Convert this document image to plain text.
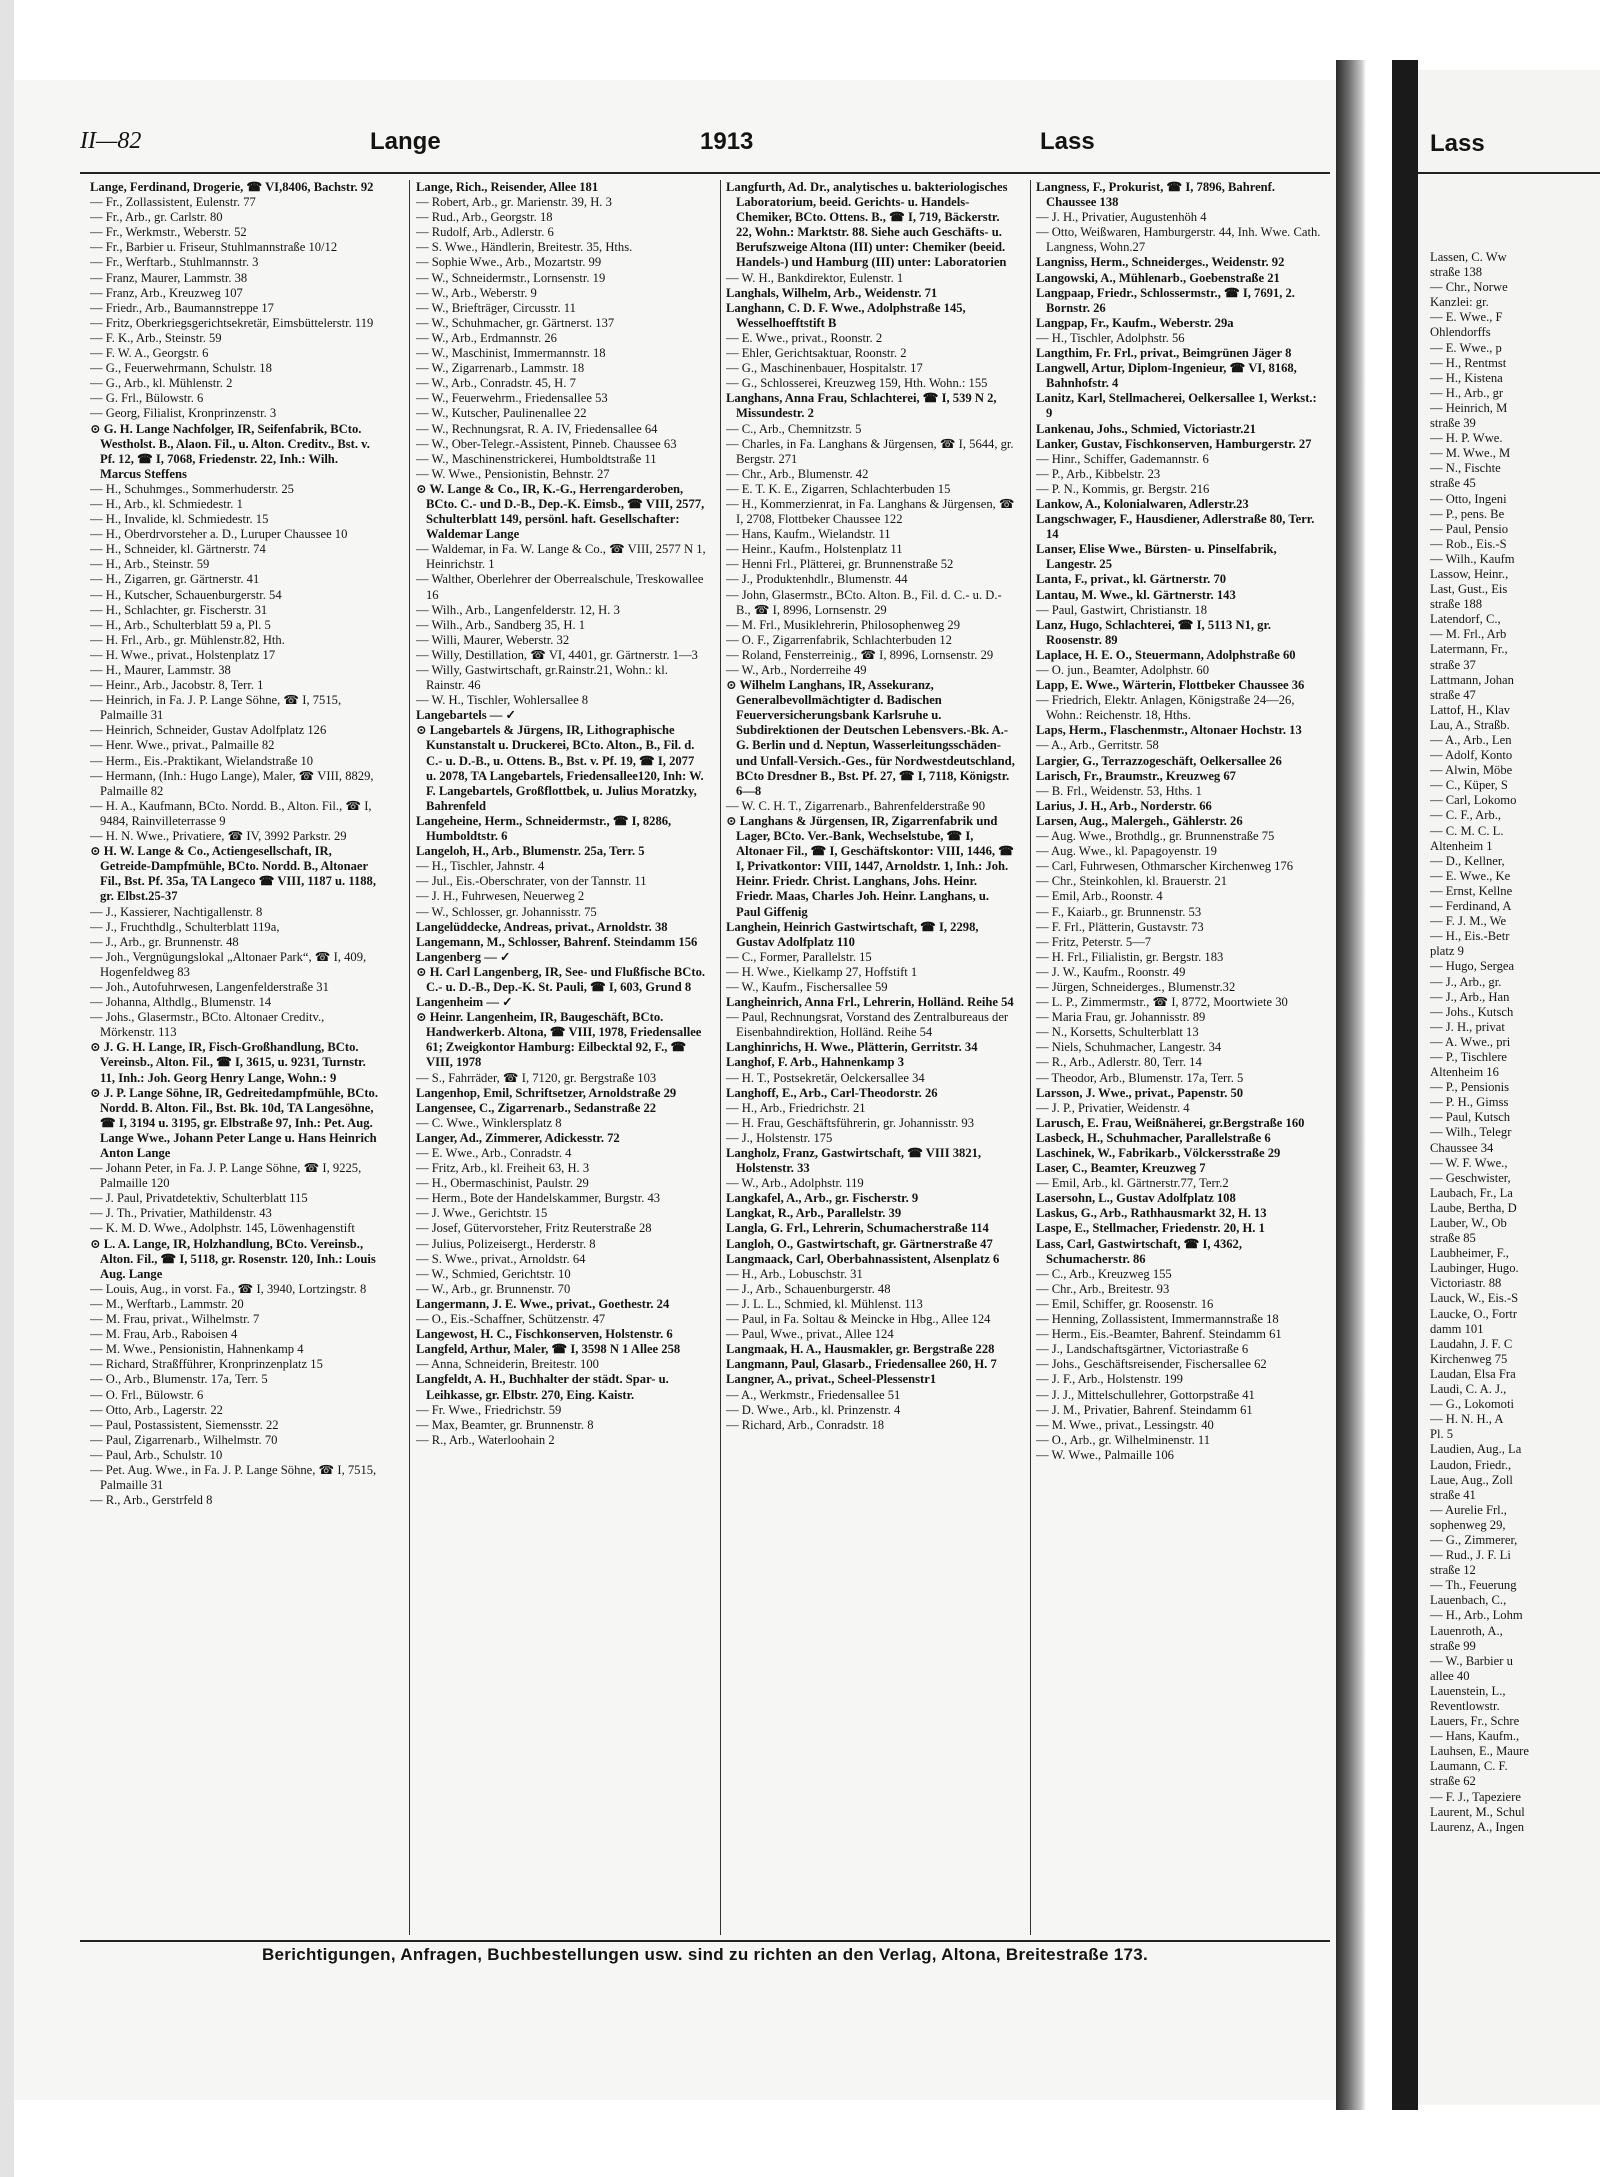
II—82	Lange	1913	Lass

Lange, Ferdinand, Drogerie, ☎ VI,8406, Bachstr. 92

— Fr., Zollassistent, Eulenstr. 77

— Fr., Arb., gr. Carlstr. 80

— Fr., Werkmstr., Weberstr. 52

— Fr., Barbier u. Friseur, Stuhlmannstraße 10/12

— Fr., Werftarb., Stuhlmannstr. 3

— Franz, Maurer, Lammstr. 38

— Franz, Arb., Kreuzweg 107

— Friedr., Arb., Baumannstreppe 17

— Fritz, Oberkriegsgerichtsekretär, Eimsbüttelerstr. 119

— F. K., Arb., Steinstr. 59

— F. W. A., Georgstr. 6

— G., Feuerwehrmann, Schulstr. 18

— G., Arb., kl. Mühlenstr. 2

— G. Frl., Bülowstr. 6

— Georg, Filialist, Kronprinzenstr. 3

⊙ G. H. Lange Nachfolger, IR, Seifenfabrik, BCto. Westholst. B., Alaon. Fil., u. Alton. Creditv., Bst. v. Pf. 12, ☎ I, 7068, Friedenstr. 22, Inh.: Wilh. Marcus Steffens

— H., Schuhmges., Sommerhuderstr. 25

— H., Arb., kl. Schmiedestr. 1

— H., Invalide, kl. Schmiedestr. 15

— H., Oberdrvorsteher a. D., Luruper Chaussee 10

— H., Schneider, kl. Gärtnerstr. 74

— H., Arb., Steinstr. 59

— H., Zigarren, gr. Gärtnerstr. 41

— H., Kutscher, Schauenburgerstr. 54

— H., Schlachter, gr. Fischerstr. 31

— H., Arb., Schulterblatt 59 a, Pl. 5

— H. Frl., Arb., gr. Mühlenstr.82, Hth.

— H. Wwe., privat., Holstenplatz 17

— H., Maurer, Lammstr. 38

— Heinr., Arb., Jacobstr. 8, Terr. 1

— Heinrich, in Fa. J. P. Lange Söhne, ☎ I, 7515, Palmaille 31

— Heinrich, Schneider, Gustav Adolfplatz 126

— Henr. Wwe., privat., Palmaille 82

— Herm., Eis.-Praktikant, Wielandstraße 10

— Hermann, (Inh.: Hugo Lange), Maler, ☎ VIII, 8829, Palmaille 82

— H. A., Kaufmann, BCto. Nordd. B., Alton. Fil., ☎ I, 9484, Rainvilleterrasse 9

— H. N. Wwe., Privatiere, ☎ IV, 3992 Parkstr. 29

⊙ H. W. Lange & Co., Actiengesellschaft, IR, Getreide-Dampfmühle, BCto. Nordd. B., Altonaer Fil., Bst. Pf. 35a, TA Langeco ☎ VIII, 1187 u. 1188, gr. Elbst.25-37

— J., Kassierer, Nachtigallenstr. 8

— J., Fruchthdlg., Schulterblatt 119a,

— J., Arb., gr. Brunnenstr. 48

— Joh., Vergnügungslokal „Altonaer Park“, ☎ I, 409, Hogenfeldweg 83

— Joh., Autofuhrwesen, Langenfelderstraße 31

— Johanna, Althdlg., Blumenstr. 14

— Johs., Glasermstr., BCto. Altonaer Creditv., Mörkenstr. 113

⊙ J. G. H. Lange, IR, Fisch-Großhandlung, BCto. Vereinsb., Alton. Fil., ☎ I, 3615, u. 9231, Turnstr. 11, Inh.: Joh. Georg Henry Lange, Wohn.: 9

⊙ J. P. Lange Söhne, IR, Gedreitedampfmühle, BCto. Nordd. B. Alton. Fil., Bst. Bk. 10d, TA Langesöhne, ☎ I, 3194 u. 3195, gr. Elbstraße 97, Inh.: Pet. Aug. Lange Wwe., Johann Peter Lange u. Hans Heinrich Anton Lange

— Johann Peter, in Fa. J. P. Lange Söhne, ☎ I, 9225, Palmaille 120

— J. Paul, Privatdetektiv, Schulterblatt 115

— J. Th., Privatier, Mathildenstr. 43

— K. M. D. Wwe., Adolphstr. 145, Löwenhagenstift

⊙ L. A. Lange, IR, Holzhandlung, BCto. Vereinsb., Alton. Fil., ☎ I, 5118, gr. Rosenstr. 120, Inh.: Louis Aug. Lange

— Louis, Aug., in vorst. Fa., ☎ I, 3940, Lortzingstr. 8

— M., Werftarb., Lammstr. 20

— M. Frau, privat., Wilhelmstr. 7

— M. Frau, Arb., Raboisen 4

— M. Wwe., Pensionistin, Hahnenkamp 4

— Richard, Straßfführer, Kronprinzenplatz 15

— O., Arb., Blumenstr. 17a, Terr. 5

— O. Frl., Bülowstr. 6

— Otto, Arb., Lagerstr. 22

— Paul, Postassistent, Siemensstr. 22

— Paul, Zigarrenarb., Wilhelmstr. 70

— Paul, Arb., Schulstr. 10

— Pet. Aug. Wwe., in Fa. J. P. Lange Söhne, ☎ I, 7515, Palmaille 31

— R., Arb., Gerstrfeld 8

Lange, Rich., Reisender, Allee 181

— Robert, Arb., gr. Marienstr. 39, H. 3

— Rud., Arb., Georgstr. 18

— Rudolf, Arb., Adlerstr. 6

— S. Wwe., Händlerin, Breitestr. 35, Hths.

— Sophie Wwe., Arb., Mozartstr. 99

— W., Schneidermstr., Lornsenstr. 19

— W., Arb., Weberstr. 9

— W., Briefträger, Circusstr. 11

— W., Schuhmacher, gr. Gärtnerst. 137

— W., Arb., Erdmannstr. 26

— W., Maschinist, Immermannstr. 18

— W., Zigarrenarb., Lammstr. 18

— W., Arb., Conradstr. 45, H. 7

— W., Feuerwehrm., Friedensallee 53

— W., Kutscher, Paulinenallee 22

— W., Rechnungsrat, R. A. IV, Friedensallee 64

— W., Ober-Telegr.-Assistent, Pinneb. Chaussee 63

— W., Maschinenstrickerei, Humboldtstraße 11

— W. Wwe., Pensionistin, Behnstr. 27

⊙ W. Lange & Co., IR, K.-G., Herrengarderoben, BCto. C.- und D.-B., Dep.-K. Eimsb., ☎ VIII, 2577, Schulterblatt 149, persönl. haft. Gesellschafter: Waldemar Lange

— Waldemar, in Fa. W. Lange & Co., ☎ VIII, 2577 N 1, Heinrichstr. 1

— Walther, Oberlehrer der Oberrealschule, Treskowallee 16

— Wilh., Arb., Langenfelderstr. 12, H. 3

— Wilh., Arb., Sandberg 35, H. 1

— Willi, Maurer, Weberstr. 32

— Willy, Destillation, ☎ VI, 4401, gr. Gärtnerstr. 1—3

— Willy, Gastwirtschaft, gr.Rainstr.21, Wohn.: kl. Rainstr. 46

— W. H., Tischler, Wohlersallee 8

Langebartels — ✓

⊙ Langebartels & Jürgens, IR, Lithographische Kunstanstalt u. Druckerei, BCto. Alton., B., Fil. d. C.- u. D.-B., u. Ottens. B., Bst. v. Pf. 19, ☎ I, 2077 u. 2078, TA Langebartels, Friedensallee120, Inh: W. F. Langebartels, Großflottbek, u. Julius Moratzky, Bahrenfeld

Langeheine, Herm., Schneidermstr., ☎ I, 8286, Humboldtstr. 6

Langeloh, H., Arb., Blumenstr. 25a, Terr. 5

— H., Tischler, Jahnstr. 4

— Jul., Eis.-Oberschrater, von der Tannstr. 11

— J. H., Fuhrwesen, Neuerweg 2

— W., Schlosser, gr. Johannisstr. 75

Langelüddecke, Andreas, privat., Arnoldstr. 38

Langemann, M., Schlosser, Bahrenf. Steindamm 156

Langenberg — ✓

⊙ H. Carl Langenberg, IR, See- und Flußfische BCto. C.- u. D.-B., Dep.-K. St. Pauli, ☎ I, 603, Grund 8

Langenheim — ✓

⊙ Heinr. Langenheim, IR, Baugeschäft, BCto. Handwerkerb. Altona, ☎ VIII, 1978, Friedensallee 61; Zweigkontor Hamburg: Eilbecktal 92, F., ☎ VIII, 1978

— S., Fahrräder, ☎ I, 7120, gr. Bergstraße 103

Langenhop, Emil, Schriftsetzer, Arnoldstraße 29

Langensee, C., Zigarrenarb., Sedanstraße 22

— C. Wwe., Winklersplatz 8

Langer, Ad., Zimmerer, Adickesstr. 72

— E. Wwe., Arb., Conradstr. 4

— Fritz, Arb., kl. Freiheit 63, H. 3

— H., Obermaschinist, Paulstr. 29

— Herm., Bote der Handelskammer, Burgstr. 43

— J. Wwe., Gerichtstr. 15

— Josef, Gütervorsteher, Fritz Reuterstraße 28

— Julius, Polizeisergt., Herderstr. 8

— S. Wwe., privat., Arnoldstr. 64

— W., Schmied, Gerichtstr. 10

— W., Arb., gr. Brunnenstr. 70

Langermann, J. E. Wwe., privat., Goethestr. 24

— O., Eis.-Schaffner, Schützenstr. 47

Langewost, H. C., Fischkonserven, Holstenstr. 6

Langfeld, Arthur, Maler, ☎ I, 3598 N 1 Allee 258

— Anna, Schneiderin, Breitestr. 100

Langfeldt, A. H., Buchhalter der städt. Spar- u. Leihkasse, gr. Elbstr. 270, Eing. Kaistr.

— Fr. Wwe., Friedrichstr. 59

— Max, Beamter, gr. Brunnenstr. 8

— R., Arb., Waterloohain 2

Langfurth, Ad. Dr., analytisches u. bakteriologisches Laboratorium, beeid. Gerichts- u. Handels-Chemiker, BCto. Ottens. B., ☎ I, 719, Bäckerstr. 22, Wohn.: Marktstr. 88. Siehe auch Geschäfts- u. Berufszweige Altona (III) unter: Chemiker (beeid. Handels-) und Hamburg (III) unter: Laboratorien

— W. H., Bankdirektor, Eulenstr. 1

Langhals, Wilhelm, Arb., Weidenstr. 71

Langhann, C. D. F. Wwe., Adolphstraße 145, Wesselhoefftstift B

— E. Wwe., privat., Roonstr. 2

— Ehler, Gerichtsaktuar, Roonstr. 2

— G., Maschinenbauer, Hospitalstr. 17

— G., Schlosserei, Kreuzweg 159, Hth. Wohn.: 155

Langhans, Anna Frau, Schlachterei, ☎ I, 539 N 2, Missundestr. 2

— C., Arb., Chemnitzstr. 5

— Charles, in Fa. Langhans & Jürgensen, ☎ I, 5644, gr. Bergstr. 271

— Chr., Arb., Blumenstr. 42

— E. T. K. E., Zigarren, Schlachterbuden 15

— H., Kommerzienrat, in Fa. Langhans & Jürgensen, ☎ I, 2708, Flottbeker Chaussee 122

— Hans, Kaufm., Wielandstr. 11

— Heinr., Kaufm., Holstenplatz 11

— Henni Frl., Plätterei, gr. Brunnenstraße 52

— J., Produktenhdlr., Blumenstr. 44

— John, Glasermstr., BCto. Alton. B., Fil. d. C.- u. D.-B., ☎ I, 8996, Lornsenstr. 29

— M. Frl., Musiklehrerin, Philosophenweg 29

— O. F., Zigarrenfabrik, Schlachterbuden 12

— Roland, Fensterreinig., ☎ I, 8996, Lornsenstr. 29

— W., Arb., Norderreihe 49

⊙ Wilhelm Langhans, IR, Assekuranz, Generalbevollmächtigter d. Badischen Feuerversicherungsbank Karlsruhe u. Subdirektionen der Deutschen Lebensvers.-Bk. A.-G. Berlin und d. Neptun, Wasserleitungsschäden- und Unfall-Versich.-Ges., für Nordwestdeutschland, BCto Dresdner B., Bst. Pf. 27, ☎ I, 7118, Königstr. 6—8

— W. C. H. T., Zigarrenarb., Bahrenfelderstraße 90

⊙ Langhans & Jürgensen, IR, Zigarrenfabrik und Lager, BCto. Ver.-Bank, Wechselstube, ☎ I, Altonaer Fil., ☎ I, Geschäftskontor: VIII, 1446, ☎ I, Privatkontor: VIII, 1447, Arnoldstr. 1, Inh.: Joh. Heinr. Friedr. Christ. Langhans, Johs. Heinr. Friedr. Maas, Charles Joh. Heinr. Langhans, u. Paul Giffenig

Langhein, Heinrich Gastwirtschaft, ☎ I, 2298, Gustav Adolfplatz 110

— C., Former, Parallelstr. 15

— H. Wwe., Kielkamp 27, Hoffstift 1

— W., Kaufm., Fischersallee 59

Langheinrich, Anna Frl., Lehrerin, Holländ. Reihe 54

— Paul, Rechnungsrat, Vorstand des Zentralbureaus der Eisenbahndirektion, Holländ. Reihe 54

Langhinrichs, H. Wwe., Plätterin, Gerritstr. 34

Langhof, F. Arb., Hahnenkamp 3

— H. T., Postsekretär, Oelckersallee 34

Langhoff, E., Arb., Carl-Theodorstr. 26

— H., Arb., Friedrichstr. 21

— H. Frau, Geschäftsführerin, gr. Johannisstr. 93

— J., Holstenstr. 175

Langholz, Franz, Gastwirtschaft, ☎ VIII 3821, Holstenstr. 33

— W., Arb., Adolphstr. 119

Langkafel, A., Arb., gr. Fischerstr. 9

Langkat, R., Arb., Parallelstr. 39

Langla, G. Frl., Lehrerin, Schumacherstraße 114

Langloh, O., Gastwirtschaft, gr. Gärtnerstraße 47

Langmaack, Carl, Oberbahnassistent, Alsenplatz 6

— H., Arb., Lobuschstr. 31

— J., Arb., Schauenburgerstr. 48

— J. L. L., Schmied, kl. Mühlenst. 113

— Paul, in Fa. Soltau & Meincke in Hbg., Allee 124

— Paul, Wwe., privat., Allee 124

Langmaak, H. A., Hausmakler, gr. Bergstraße 228

Langmann, Paul, Glasarb., Friedensallee 260, H. 7

Langner, A., privat., Scheel-Plessenstr1

— A., Werkmstr., Friedensallee 51

— D. Wwe., Arb., kl. Prinzenstr. 4

— Richard, Arb., Conradstr. 18

Langness, F., Prokurist, ☎ I, 7896, Bahrenf. Chaussee 138

— J. H., Privatier, Augustenhöh 4

— Otto, Weißwaren, Hamburgerstr. 44, Inh. Wwe. Cath. Langness, Wohn.27

Langniss, Herm., Schneiderges., Weidenstr. 92

Langowski, A., Mühlenarb., Goebenstraße 21

Langpaap, Friedr., Schlossermstr., ☎ I, 7691, 2. Bornstr. 26

Langpap, Fr., Kaufm., Weberstr. 29a

— H., Tischler, Adolphstr. 56

Langthim, Fr. Frl., privat., Beimgrünen Jäger 8

Langwell, Artur, Diplom-Ingenieur, ☎ VI, 8168, Bahnhofstr. 4

Lanitz, Karl, Stellmacherei, Oelkersallee 1, Werkst.: 9

Lankenau, Johs., Schmied, Victoriastr.21

Lanker, Gustav, Fischkonserven, Hamburgerstr. 27

— Hinr., Schiffer, Gademannstr. 6

— P., Arb., Kibbelstr. 23

— P. N., Kommis, gr. Bergstr. 216

Lankow, A., Kolonialwaren, Adlerstr.23

Langschwager, F., Hausdiener, Adlerstraße 80, Terr. 14

Lanser, Elise Wwe., Bürsten- u. Pinselfabrik, Langestr. 25

Lanta, F., privat., kl. Gärtnerstr. 70

Lantau, M. Wwe., kl. Gärtnerstr. 143

— Paul, Gastwirt, Christianstr. 18

Lanz, Hugo, Schlachterei, ☎ I, 5113 N1, gr. Roosenstr. 89

Laplace, H. E. O., Steuermann, Adolphstraße 60

— O. jun., Beamter, Adolphstr. 60

Lapp, E. Wwe., Wärterin, Flottbeker Chaussee 36

— Friedrich, Elektr. Anlagen, Königstraße 24—26, Wohn.: Reichenstr. 18, Hths.

Laps, Herm., Flaschenmstr., Altonaer Hochstr. 13

— A., Arb., Gerritstr. 58

Largier, G., Terrazzogeschäft, Oelkersallee 26

Larisch, Fr., Braumstr., Kreuzweg 67

— B. Frl., Weidenstr. 53, Hths. 1

Larius, J. H., Arb., Norderstr. 66

Larsen, Aug., Malergeh., Gählerstr. 26

— Aug. Wwe., Brothdlg., gr. Brunnenstraße 75

— Aug. Wwe., kl. Papagoyenstr. 19

— Carl, Fuhrwesen, Othmarscher Kirchenweg 176

— Chr., Steinkohlen, kl. Brauerstr. 21

— Emil, Arb., Roonstr. 4

— F., Kaiarb., gr. Brunnenstr. 53

— F. Frl., Plätterin, Gustavstr. 73

— Fritz, Peterstr. 5—7

— H. Frl., Filialistin, gr. Bergstr. 183

— J. W., Kaufm., Roonstr. 49

— Jürgen, Schneiderges., Blumenstr.32

— L. P., Zimmermstr., ☎ I, 8772, Moortwiete 30

— Maria Frau, gr. Johannisstr. 89

— N., Korsetts, Schulterblatt 13

— Niels, Schuhmacher, Langestr. 34

— R., Arb., Adlerstr. 80, Terr. 14

— Theodor, Arb., Blumenstr. 17a, Terr. 5

Larsson, J. Wwe., privat., Papenstr. 50

— J. P., Privatier, Weidenstr. 4

Larusch, E. Frau, Weißnäherei, gr.Bergstraße 160

Lasbeck, H., Schuhmacher, Parallelstraße 6

Laschinek, W., Fabrikarb., Völckersstraße 29

Laser, C., Beamter, Kreuzweg 7

— Emil, Arb., kl. Gärtnerstr.77, Terr.2

Lasersohn, L., Gustav Adolfplatz 108

Laskus, G., Arb., Rathhausmarkt 32, H. 13

Laspe, E., Stellmacher, Friedenstr. 20, H. 1

Lass, Carl, Gastwirtschaft, ☎ I, 4362, Schumacherstr. 86

— C., Arb., Kreuzweg 155

— Chr., Arb., Breitestr. 93

— Emil, Schiffer, gr. Roosenstr. 16

— Henning, Zollassistent, Immermannstraße 18

— Herm., Eis.-Beamter, Bahrenf. Steindamm 61

— J., Landschaftsgärtner, Victoriastraße 6

— Johs., Geschäftsreisender, Fischersallee 62

— J. F., Arb., Holstenstr. 199

— J. J., Mittelschullehrer, Gottorpstraße 41

— J. M., Privatier, Bahrenf. Steindamm 61

— M. Wwe., privat., Lessingstr. 40

— O., Arb., gr. Wilhelminenstr. 11

— W. Wwe., Palmaille 106

Berichtigungen, Anfragen, Buchbestellungen usw. sind zu richten an den Verlag, Altona, Breitestraße 173.
Lass

Lassen, C. Ww

straße 138

— Chr., Norwe

Kanzlei: gr.

— E. Wwe., F

Ohlendorffs

— E. Wwe., p

— H., Rentmst

— H., Kistena

— H., Arb., gr

— Heinrich, M

straße 39

— H. P. Wwe.

— M. Wwe., M

— N., Fischte

straße 45

— Otto, Ingeni

— P., pens. Be

— Paul, Pensio

— Rob., Eis.-S

— Wilh., Kaufm

Lassow, Heinr.,

Last, Gust., Eis

straße 188

Latendorf, C.,

— M. Frl., Arb

Latermann, Fr.,

straße 37

Lattmann, Johan

straße 47

Lattof, H., Klav

Lau, A., Straßb.

— A., Arb., Len

— Adolf, Konto

— Alwin, Möbe

— C., Küper, S

— Carl, Lokomo

— C. F., Arb.,

— C. M. C. L.

Altenheim 1

— D., Kellner,

— E. Wwe., Ke

— Ernst, Kellne

— Ferdinand, A

— F. J. M., We

— H., Eis.-Betr

platz 9

— Hugo, Sergea

— J., Arb., gr.

— J., Arb., Han

— Johs., Kutsch

— J. H., privat

— A. Wwe., pri

— P., Tischlere

Altenheim 16

— P., Pensionis

— P. H., Gimss

— Paul, Kutsch

— Wilh., Telegr

Chaussee 34

— W. F. Wwe.,

— Geschwister,

Laubach, Fr., La

Laube, Bertha, D

Lauber, W., Ob

straße 85

Laubheimer, F.,

Laubinger, Hugo.

Victoriastr. 88

Lauck, W., Eis.-S

Laucke, O., Fortr

damm 101

Laudahn, J. F. C

Kirchenweg 75

Laudan, Elsa Fra

Laudi, C. A. J.,

— G., Lokomoti

— H. N. H., A

Pl. 5

Laudien, Aug., La

Laudon, Friedr.,

Laue, Aug., Zoll

straße 41

— Aurelie Frl.,

sophenweg 29,

— G., Zimmerer,

— Rud., J. F. Li

straße 12

— Th., Feuerung

Lauenbach, C.,

— H., Arb., Lohm

Lauenroth, A.,

straße 99

— W., Barbier u

allee 40

Lauenstein, L.,

Reventlowstr.

Lauers, Fr., Schre

— Hans, Kaufm.,

Lauhsen, E., Maure

Laumann, C. F.

straße 62

— F. J., Tapeziere

Laurent, M., Schul

Laurenz, A., Ingen
